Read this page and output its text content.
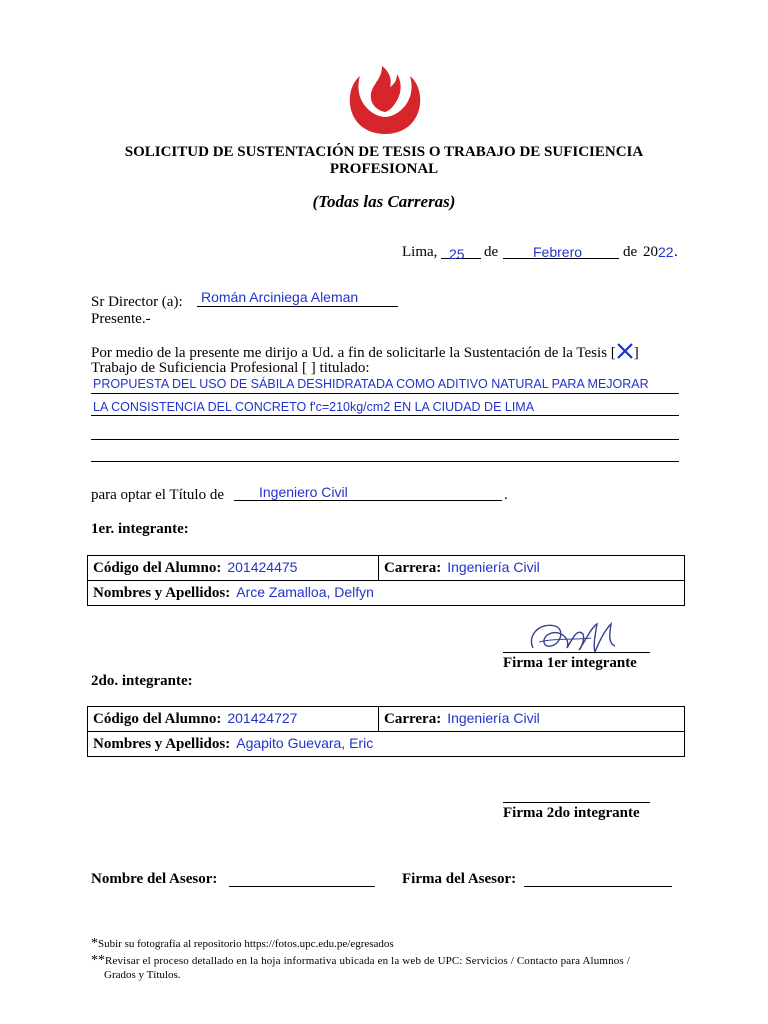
SOLICITUD DE SUSTENTACIÓN DE TESIS O TRABAJO DE SUFICIENCIA
PROFESIONAL
(Todas las Carreras)
Lima, 25 de Febrero	de 20 22 .
Sr Director (a): Román Arciniega Aleman
Presente.-
Por medio de la presente me dirijo a Ud. a fin de solicitarle la Sustentación de la Tesis [ ]
Trabajo de Suficiencia Profesional [ ] titulado:
PROPUESTA DEL USO DE SÁBILA DESHIDRATADA COMO ADITIVO NATURAL PARA MEJORAR
LA CONSISTENCIA DEL CONCRETO f'c=210kg/cm2 EN LA CIUDAD DE LIMA
para optar el Título de Ingeniero Civil	.
1er. integrante:
Código del Alumno: 201424475	Carrera: Ingeniería Civil
Nombres y Apellidos: Arce Zamalloa, Delfyn
Firma 1er integrante
2do. integrante:
Código del Alumno: 201424727	Carrera: Ingeniería Civil
Nombres y Apellidos: Agapito Guevara, Eric
Firma 2do integrante
Nombre del Asesor:	Firma del Asesor:
*Subir su fotografía al repositorio https://fotos.upc.edu.pe/egresados
**Revisar el proceso detallado en la hoja informativa ubicada en la web de UPC: Servicios / Contacto para Alumnos /
Grados y Títulos.
